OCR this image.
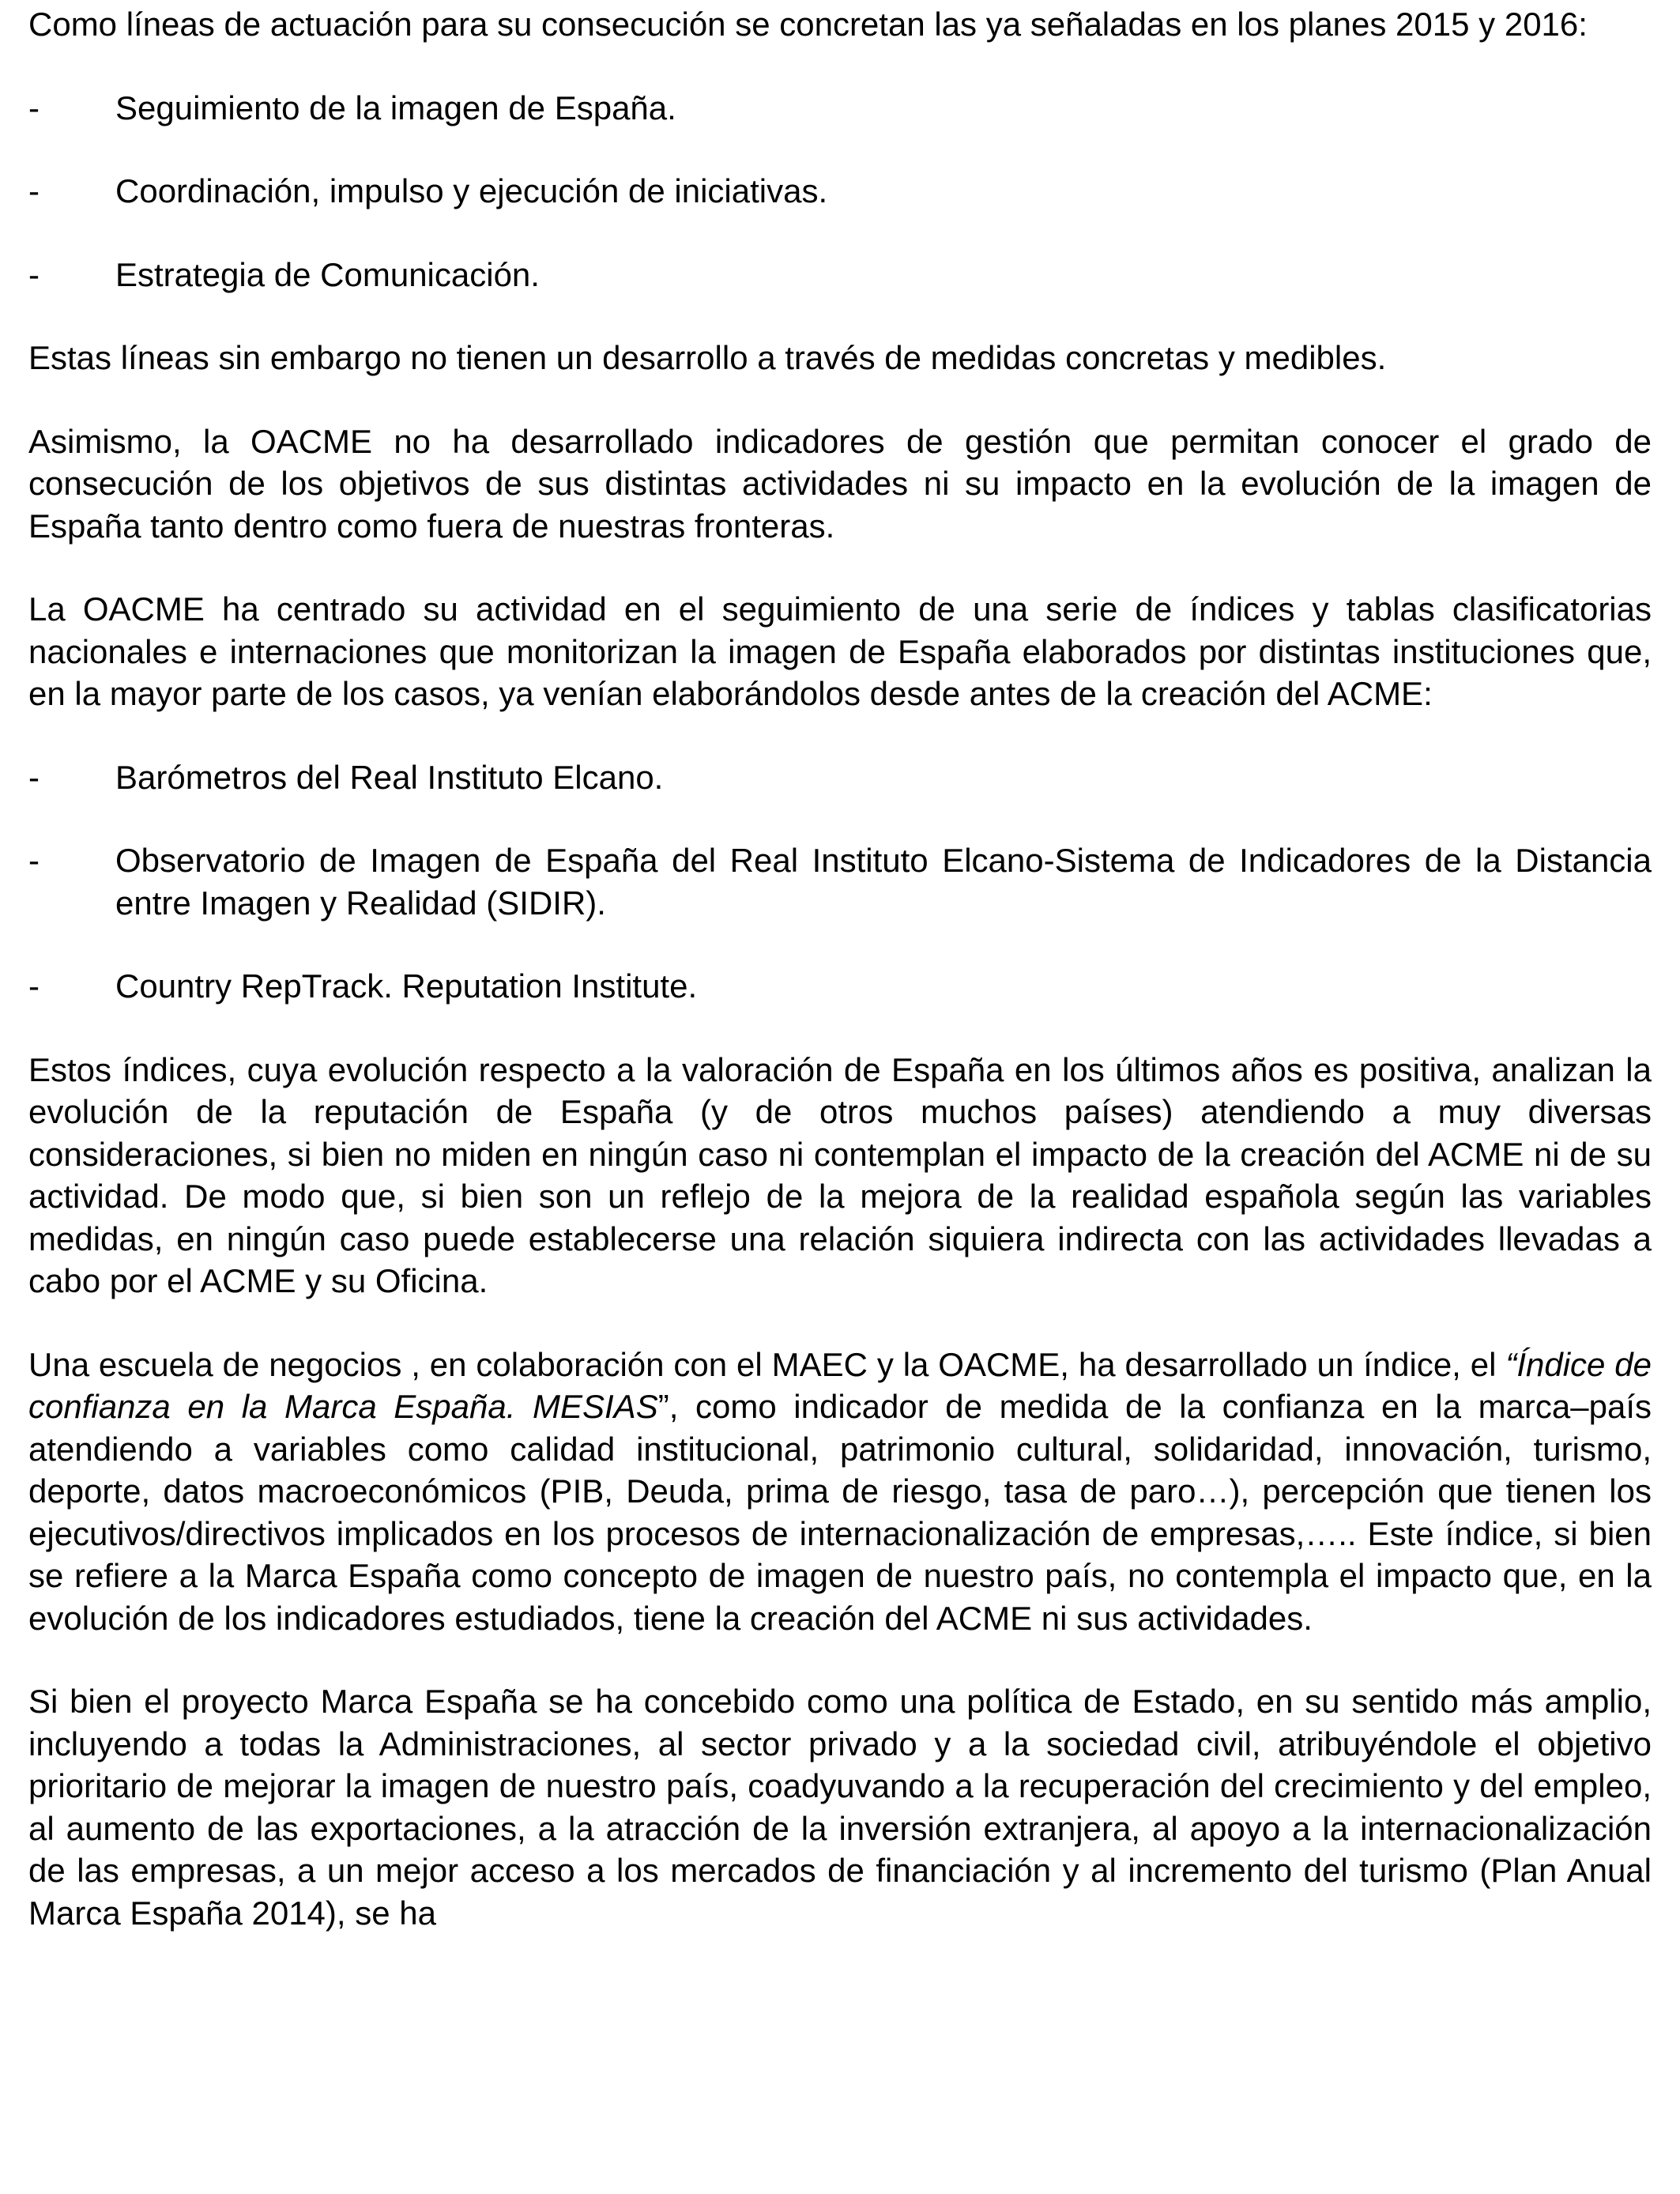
Como líneas de actuación para su consecución se concretan las ya señaladas en los planes 2015 y 2016:

- Seguimiento de la imagen de España.
- Coordinación, impulso y ejecución de iniciativas.
- Estrategia de Comunicación.

Estas líneas sin embargo no tienen un desarrollo a través de medidas concretas y medibles.

Asimismo, la OACME no ha desarrollado indicadores de gestión que permitan conocer el grado de consecución de los objetivos de sus distintas actividades ni su impacto en la evolución de la imagen de España tanto dentro como fuera de nuestras fronteras.

La OACME ha centrado su actividad en el seguimiento de una serie de índices y tablas clasificatorias nacionales e internaciones que monitorizan la imagen de España elaborados por distintas instituciones que, en la mayor parte de los casos, ya venían elaborándolos desde antes de la creación del ACME:

- Barómetros del Real Instituto Elcano.
- Observatorio de Imagen de España del Real Instituto Elcano-Sistema de Indicadores de la Distancia entre Imagen y Realidad (SIDIR).
- Country RepTrack. Reputation Institute.

Estos índices, cuya evolución respecto a la valoración de España en los últimos años es positiva, analizan la evolución de la reputación de España (y de otros muchos países) atendiendo a muy diversas consideraciones, si bien no miden en ningún caso ni contemplan el impacto de la creación del ACME ni de su actividad. De modo que, si bien son un reflejo de la mejora de la realidad española según las variables medidas, en ningún caso puede establecerse una relación siquiera indirecta con las actividades llevadas a cabo por el ACME y su Oficina.

Una escuela de negocios , en colaboración con el MAEC y la OACME, ha desarrollado un índice, el “Índice de confianza en la Marca España. MESIAS”, como indicador de medida de la confianza en la marca–país atendiendo a variables como calidad institucional, patrimonio cultural, solidaridad, innovación, turismo, deporte, datos macroeconómicos (PIB, Deuda, prima de riesgo, tasa de paro…), percepción que tienen los ejecutivos/directivos implicados en los procesos de internacionalización de empresas,….. Este índice, si bien se refiere a la Marca España como concepto de imagen de nuestro país, no contempla el impacto que, en la evolución de los indicadores estudiados, tiene la creación del ACME ni sus actividades.

Si bien el proyecto Marca España se ha concebido como una política de Estado, en su sentido más amplio, incluyendo a todas la Administraciones, al sector privado y a la sociedad civil, atribuyéndole el objetivo prioritario de mejorar la imagen de nuestro país, coadyuvando a la recuperación del crecimiento y del empleo, al aumento de las exportaciones, a la atracción de la inversión extranjera, al apoyo a la internacionalización de las empresas, a un mejor acceso a los mercados de financiación y al incremento del turismo (Plan Anual Marca España 2014), se ha
